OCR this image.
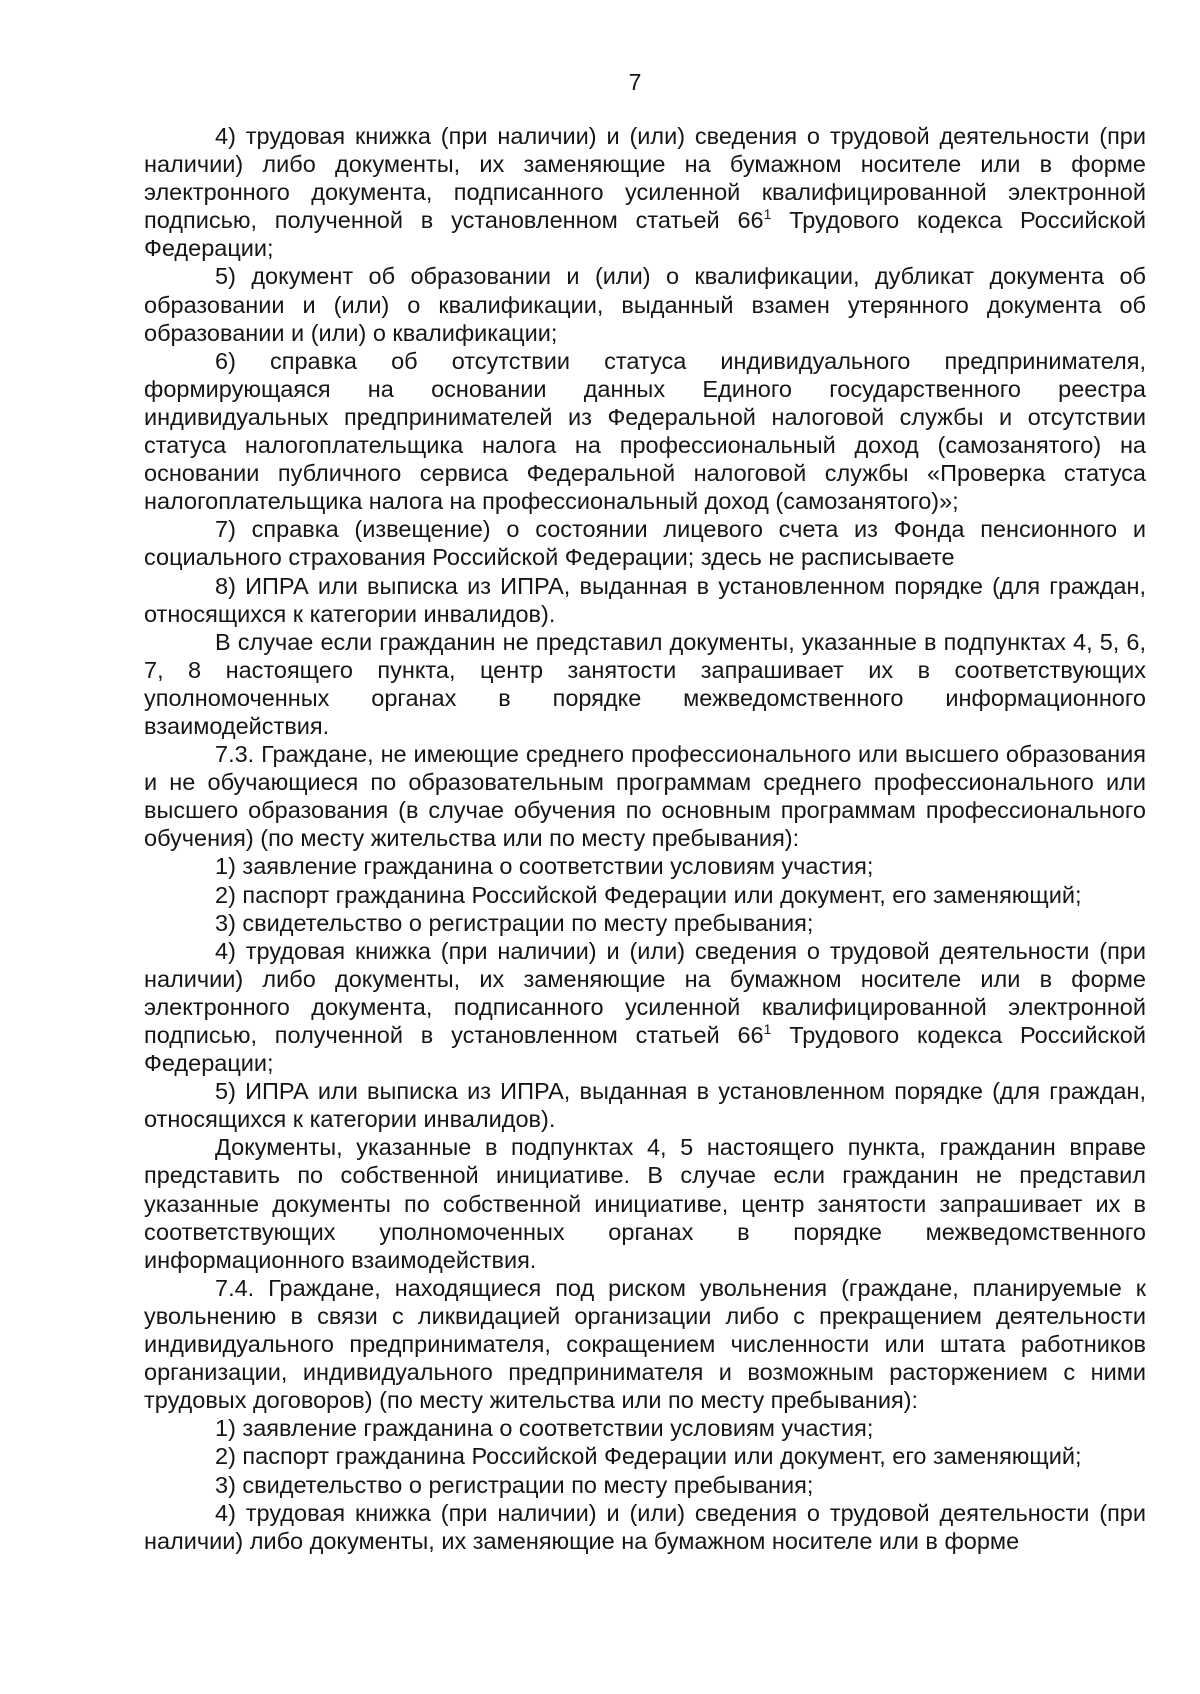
7

4) трудовая книжка (при наличии) и (или) сведения о трудовой деятельности (при наличии) либо документы, их заменяющие на бумажном носителе или в форме электронного документа, подписанного усиленной квалифицированной электронной подписью, полученной в установленном статьей $66^1$ Трудового кодекса Российской Федерации;

5) документ об образовании и (или) о квалификации, дубликат документа об образовании и (или) о квалификации, выданный взамен утерянного документа об образовании и (или) о квалификации;

6) справка об отсутствии статуса индивидуального предпринимателя, формирующаяся на основании данных Единого государственного реестра индивидуальных предпринимателей из Федеральной налоговой службы и отсутствии статуса налогоплательщика налога на профессиональный доход (самозанятого) на основании публичного сервиса Федеральной налоговой службы «Проверка статуса налогоплательщика налога на профессиональный доход (самозанятого)»;

7) справка (извещение) о состоянии лицевого счета из Фонда пенсионного и социального страхования Российской Федерации; здесь не расписываете

8) ИПРА или выписка из ИПРА, выданная в установленном порядке (для граждан, относящихся к категории инвалидов).

В случае если гражданин не представил документы, указанные в подпунктах 4, 5, 6, 7, 8 настоящего пункта, центр занятости запрашивает их в соответствующих уполномоченных органах в порядке межведомственного информационного взаимодействия.

7.3. Граждане, не имеющие среднего профессионального или высшего образования и не обучающиеся по образовательным программам среднего профессионального или высшего образования (в случае обучения по основным программам профессионального обучения) (по месту жительства или по месту пребывания):

1) заявление гражданина о соответствии условиям участия;

2) паспорт гражданина Российской Федерации или документ, его заменяющий;

3) свидетельство о регистрации по месту пребывания;

4) трудовая книжка (при наличии) и (или) сведения о трудовой деятельности (при наличии) либо документы, их заменяющие на бумажном носителе или в форме электронного документа, подписанного усиленной квалифицированной электронной подписью, полученной в установленном статьей $66^1$ Трудового кодекса Российской Федерации;

5) ИПРА или выписка из ИПРА, выданная в установленном порядке (для граждан, относящихся к категории инвалидов).

Документы, указанные в подпунктах 4, 5 настоящего пункта, гражданин вправе представить по собственной инициативе. В случае если гражданин не представил указанные документы по собственной инициативе, центр занятости запрашивает их в соответствующих уполномоченных органах в порядке межведомственного информационного взаимодействия.

7.4. Граждане, находящиеся под риском увольнения (граждане, планируемые к увольнению в связи с ликвидацией организации либо с прекращением деятельности индивидуального предпринимателя, сокращением численности или штата работников организации, индивидуального предпринимателя и возможным расторжением с ними трудовых договоров) (по месту жительства или по месту пребывания):

1) заявление гражданина о соответствии условиям участия;

2) паспорт гражданина Российской Федерации или документ, его заменяющий;

3) свидетельство о регистрации по месту пребывания;

4) трудовая книжка (при наличии) и (или) сведения о трудовой деятельности (при наличии) либо документы, их заменяющие на бумажном носителе или в форме
